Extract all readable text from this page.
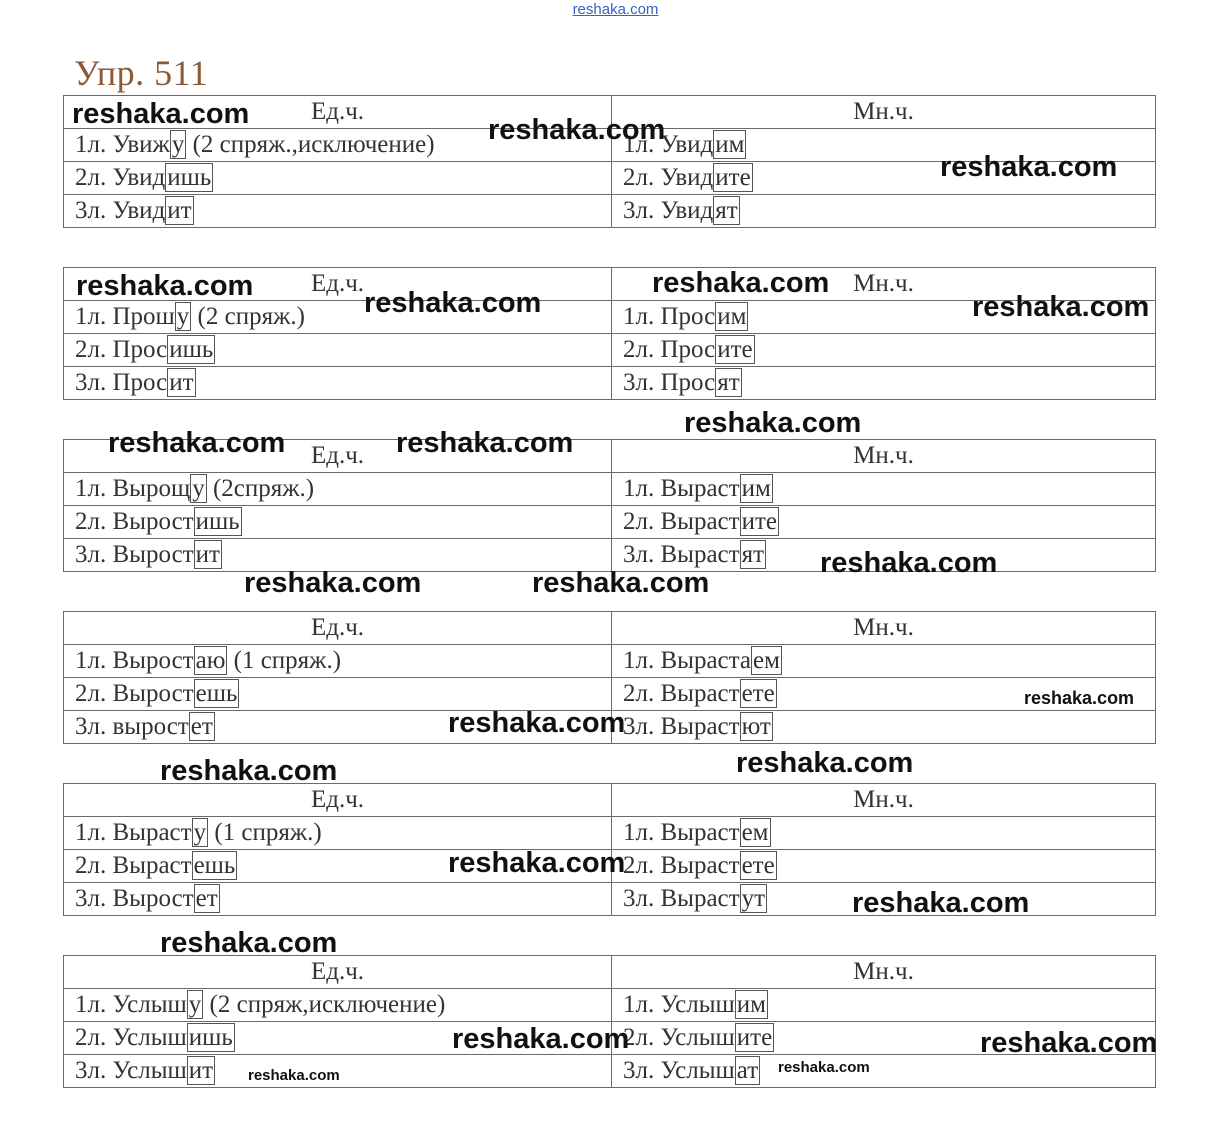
reshaka.com
Упр. 511
Ед.ч.	Мн.ч.
1л. Увижу (2 спряж.,исключение)	1л. Увидим
2л. Увидишь	2л. Увидите
3л. Увидит	3л. Увидят
Ед.ч.	Мн.ч.
1л. Прошу (2 спряж.)	1л. Просим
2л. Просишь	2л. Просите
3л. Просит	3л. Просят
Ед.ч.	Мн.ч.
1л. Вырощу (2спряж.)	1л. Вырастим
2л. Выростишь	2л. Вырастите
3л. Выростит	3л. Вырастят
Ед.ч.	Мн.ч.
1л. Выростаю (1 спряж.)	1л. Вырастаем
2л. Выростешь	2л. Вырастете
3л. выростет	3л. Вырастют
Ед.ч.	Мн.ч.
1л. Вырасту (1 спряж.)	1л. Вырастем
2л. Вырастешь	2л. Вырастете
3л. Выростет	3л. Вырастут
Ед.ч.	Мн.ч.
1л. Услышу (2 спряж,исключение)	1л. Услышим
2л. Услышишь	2л. Услышите
3л. Услышит	3л. Услышат
reshaka.com	reshaka.com
reshaka.com
reshaka.com	reshaka.com
reshaka.com	reshaka.com
reshaka.com
reshaka.com	reshaka.com
reshaka.com
reshaka.com	reshaka.com
reshaka.com
reshaka.com
reshaka.com
reshaka.com
reshaka.com
reshaka.com
reshaka.com
reshaka.com	reshaka.com
reshaka.com	reshaka.com
